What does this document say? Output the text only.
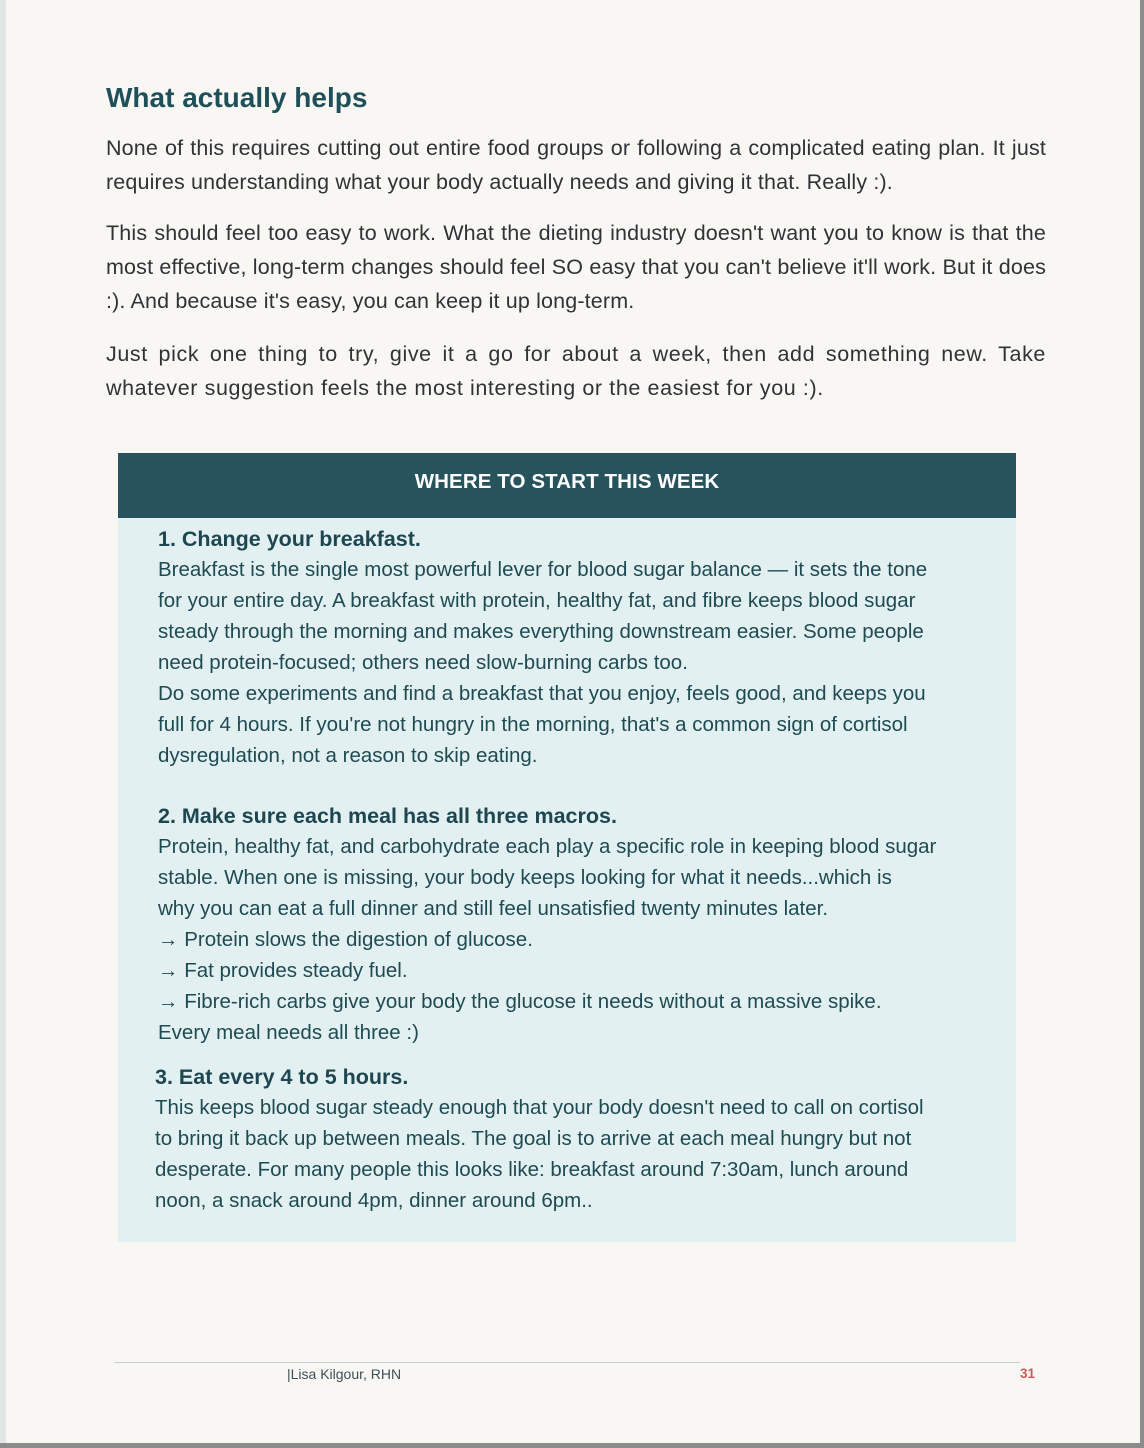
What actually helps

None of this requires cutting out entire food groups or following a complicated eating plan. It just requires understanding what your body actually needs and giving it that. Really :).

This should feel too easy to work. What the dieting industry doesn't want you to know is that the most effective, long-term changes should feel SO easy that you can't believe it'll work. But it does :). And because it's easy, you can keep it up long-term.

Just pick one thing to try, give it a go for about a week, then add something new. Take whatever suggestion feels the most interesting or the easiest for you :).

WHERE TO START THIS WEEK
1. Change your breakfast.
Breakfast is the single most powerful lever for blood sugar balance — it sets the tone
for your entire day. A breakfast with protein, healthy fat, and fibre keeps blood sugar
steady through the morning and makes everything downstream easier. Some people
need protein-focused; others need slow-burning carbs too.
Do some experiments and find a breakfast that you enjoy, feels good, and keeps you
full for 4 hours. If you're not hungry in the morning, that's a common sign of cortisol
dysregulation, not a reason to skip eating.
2. Make sure each meal has all three macros.
Protein, healthy fat, and carbohydrate each play a specific role in keeping blood sugar
stable. When one is missing, your body keeps looking for what it needs...which is
why you can eat a full dinner and still feel unsatisfied twenty minutes later.
→ Protein slows the digestion of glucose.
→ Fat provides steady fuel.
→ Fibre-rich carbs give your body the glucose it needs without a massive spike.
Every meal needs all three :)
3. Eat every 4 to 5 hours.
This keeps blood sugar steady enough that your body doesn't need to call on cortisol
to bring it back up between meals. The goal is to arrive at each meal hungry but not
desperate. For many people this looks like: breakfast around 7:30am, lunch around
noon, a snack around 4pm, dinner around 6pm..
|Lisa Kilgour, RHN	31
